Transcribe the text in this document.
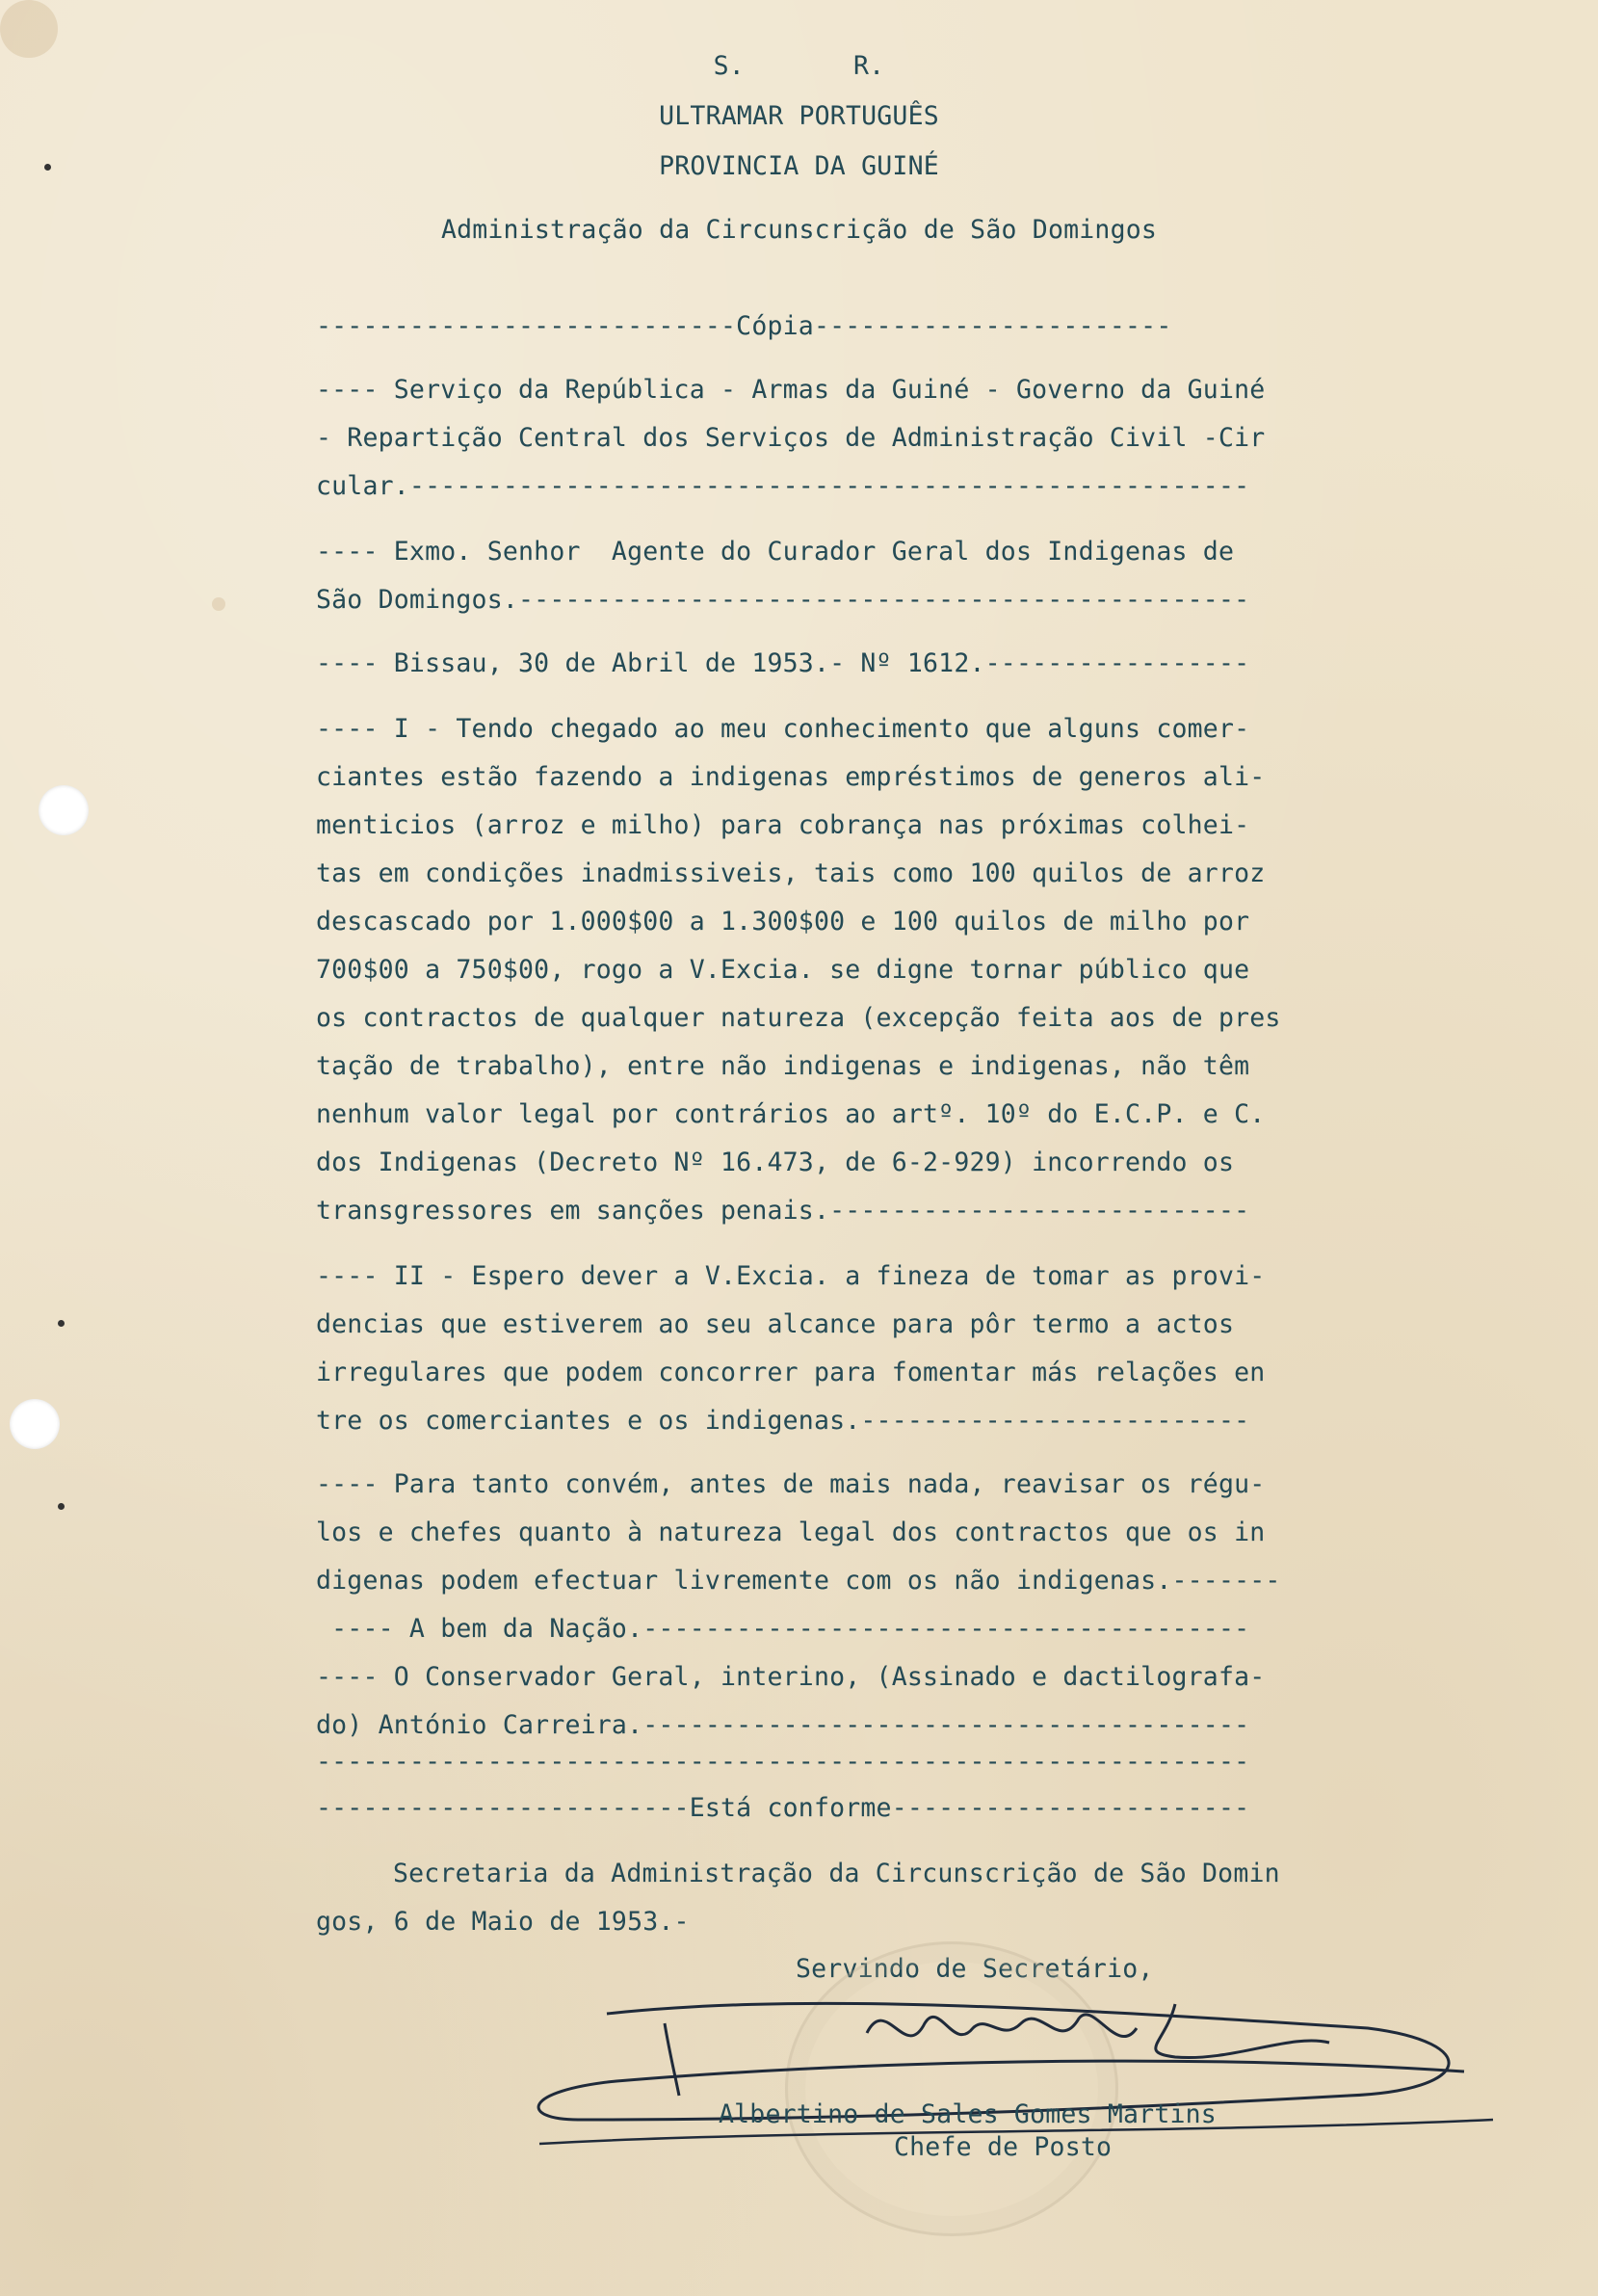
S.       R.
ULTRAMAR PORTUGUÊS
PROVINCIA DA GUINÉ
Administração da Circunscrição de São Domingos
---------------------------Cópia-----------------------
---- Serviço da República - Armas da Guiné - Governo da Guiné
- Repartição Central dos Serviços de Administração Civil -Cir
cular.------------------------------------------------------
---- Exmo. Senhor  Agente do Curador Geral dos Indigenas de
São Domingos.-----------------------------------------------
---- Bissau, 30 de Abril de 1953.- Nº 1612.-----------------
---- I - Tendo chegado ao meu conhecimento que alguns comer-
ciantes estão fazendo a indigenas empréstimos de generos ali-
menticios (arroz e milho) para cobrança nas próximas colhei-
tas em condições inadmissiveis, tais como 100 quilos de arroz
descascado por 1.000$00 a 1.300$00 e 100 quilos de milho por
700$00 a 750$00, rogo a V.Excia. se digne tornar público que
os contractos de qualquer natureza (excepção feita aos de pres
tação de trabalho), entre não indigenas e indigenas, não têm
nenhum valor legal por contrários ao artº. 10º do E.C.P. e C.
dos Indigenas (Decreto Nº 16.473, de 6-2-929) incorrendo os
transgressores em sanções penais.---------------------------
---- II - Espero dever a V.Excia. a fineza de tomar as provi-
dencias que estiverem ao seu alcance para pôr termo a actos
irregulares que podem concorrer para fomentar más relações en
tre os comerciantes e os indigenas.-------------------------
---- Para tanto convém, antes de mais nada, reavisar os régu-
los e chefes quanto à natureza legal dos contractos que os in
digenas podem efectuar livremente com os não indigenas.-------
---- A bem da Nação.---------------------------------------
---- O Conservador Geral, interino, (Assinado e dactilografa-
do) António Carreira.---------------------------------------
------------------------------------------------------------
------------------------Está conforme-----------------------
Secretaria da Administração da Circunscrição de São Domin
gos, 6 de Maio de 1953.-
Servindo de Secretário,
Albertino de Sales Gomes Martins
Chefe de Posto
